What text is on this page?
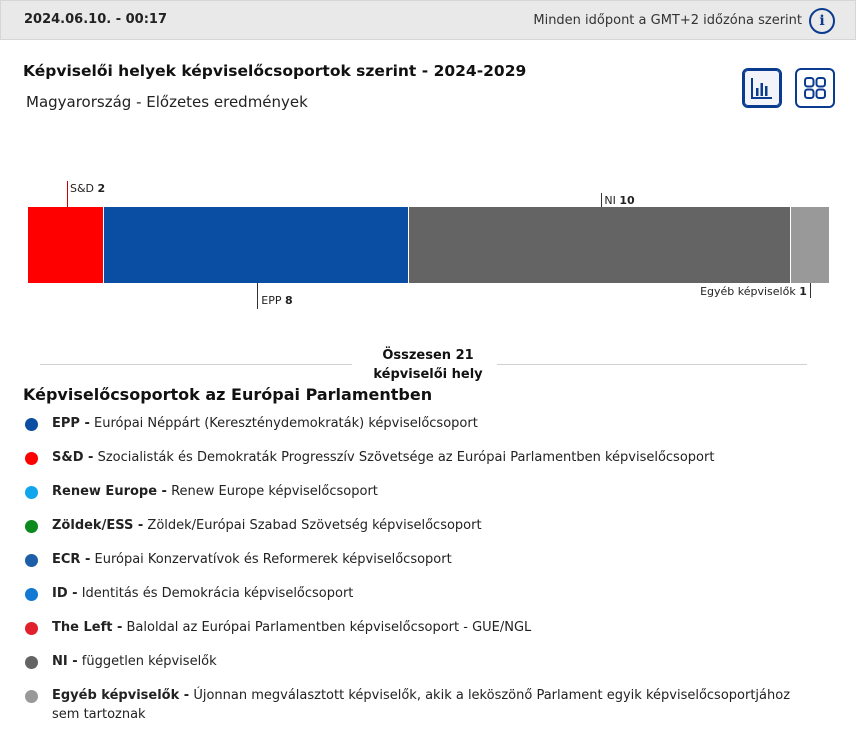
2024.06.10. - 00:17	Minden időpont a GMT+2 időzóna szerint	i
Képviselői helyek képviselőcsoportok szerint - 2024-2029
Magyarország - Előzetes eredmények
S&D 2
EPP 8
NI 10
Egyéb képviselők 1
Összesen 21
képviselői hely
Képviselőcsoportok az Európai Parlamentben
EPP - Európai Néppárt (Kereszténydemokraták) képviselőcsoport
S&D - Szocialisták és Demokraták Progresszív Szövetsége az Európai Parlamentben képviselőcsoport
Renew Europe - Renew Europe képviselőcsoport
Zöldek/ESS - Zöldek/Európai Szabad Szövetség képviselőcsoport
ECR - Európai Konzervatívok és Reformerek képviselőcsoport
ID - Identitás és Demokrácia képviselőcsoport
The Left - Baloldal az Európai Parlamentben képviselőcsoport - GUE/NGL
NI - független képviselők
Egyéb képviselők - Újonnan megválasztott képviselők, akik a leköszönő Parlament egyik képviselőcsoportjához sem tartoznak
